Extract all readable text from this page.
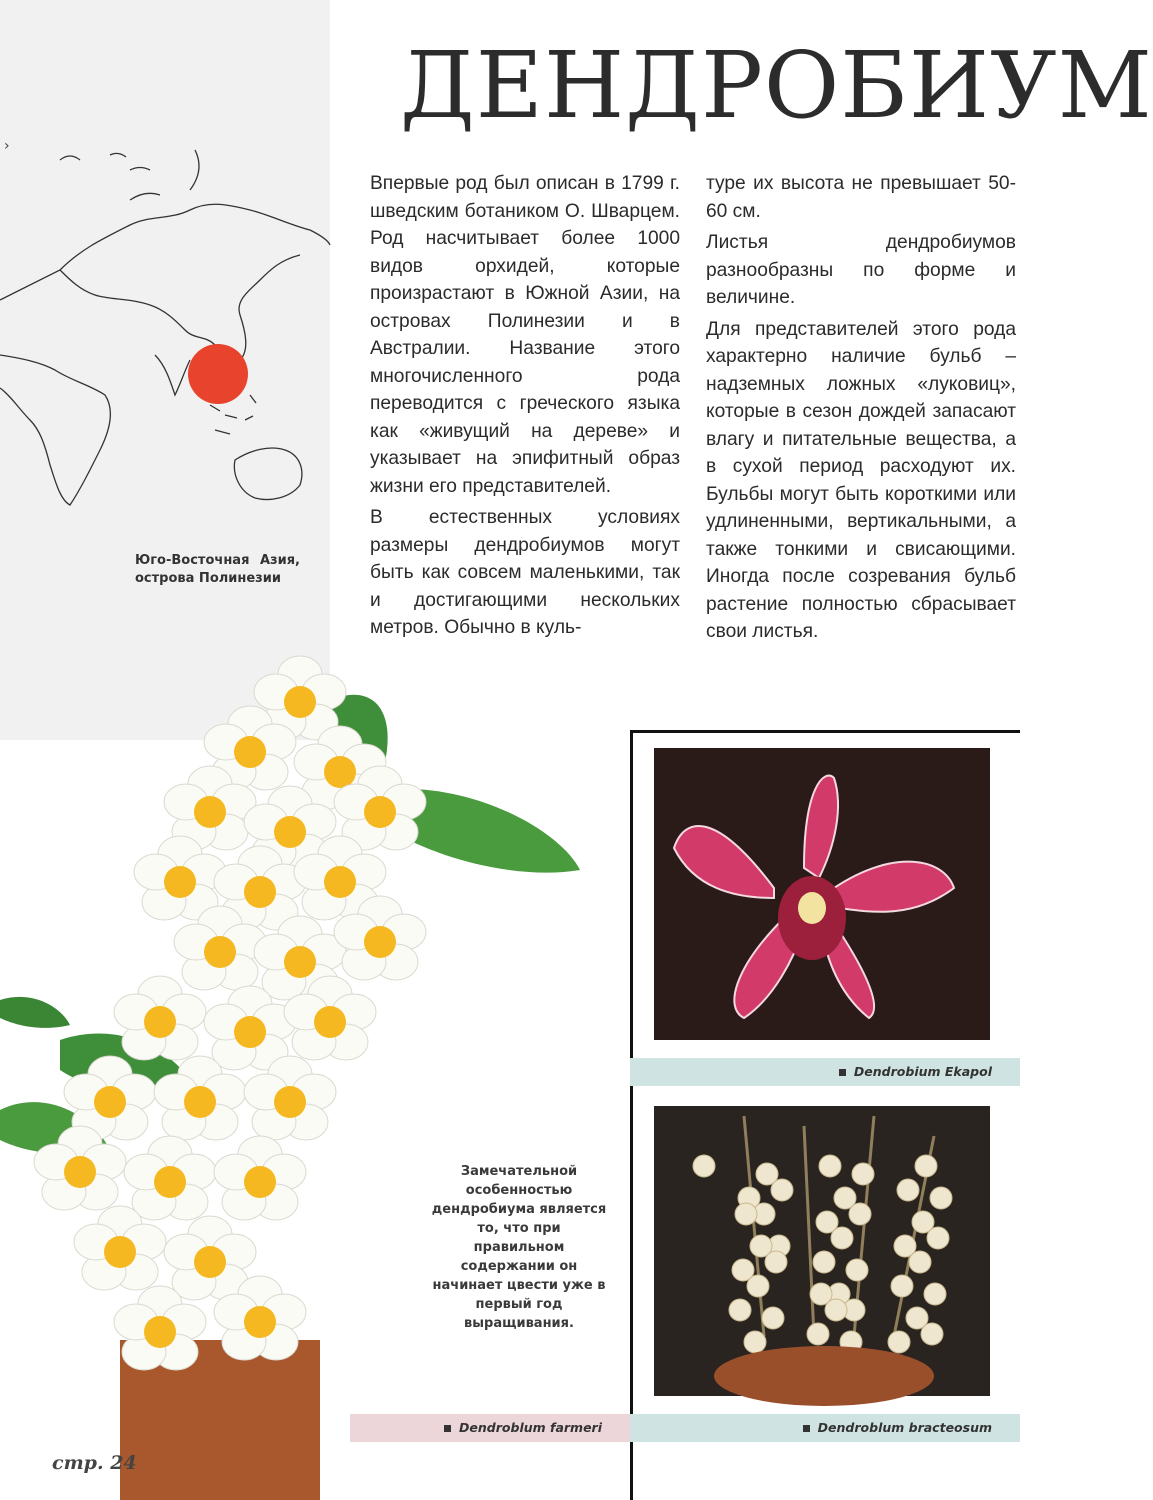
›
ДЕНДРОБИУМ
Юго-Восточная Азия, острова Полинезии

Впервые род был описан в 1799 г. шведским ботаником О. Шварцем. Род насчитывает более 1000 видов орхидей, которые произрастают в Южной Азии, на островах Полинезии и в Австралии. Название этого многочисленного рода переводится с греческого языка как «живущий на дереве» и указывает на эпифитный образ жизни его представителей.

В естественных условиях размеры дендробиумов могут быть как совсем маленькими, так и достигающими нескольких метров. Обычно в куль-

туре их высота не превышает 50-60 см.

Листья дендробиумов разнообразны по форме и величине.

Для представителей этого рода характерно наличие бульб – надземных ложных «луковиц», которые в сезон дождей запасают влагу и питательные вещества, а в сухой период расходуют их. Бульбы могут быть короткими или удлиненными, вертикальными, а также тонкими и свисающими. Иногда после созревания бульб растение полностью сбрасывает свои листья.

Dendrobium Ekapol
Dendroblum bracteosum
Dendroblum farmeri
Замечательной особенностью дендробиума является то, что при правильном содержании он начинает цвести уже в первый год выращивания.
стр. 24
